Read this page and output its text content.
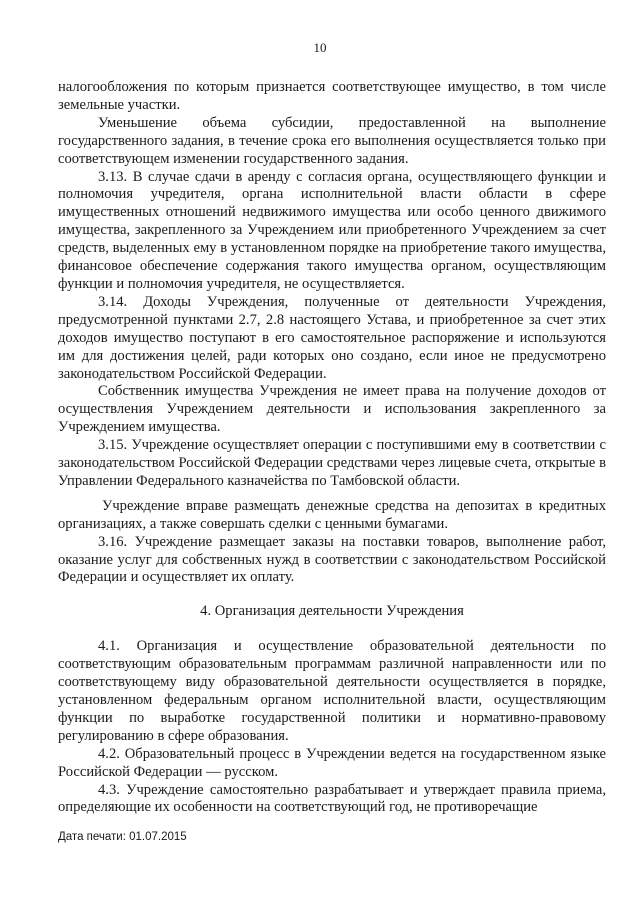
10

налогообложения по которым признается соответствующее имущество, в том числе земельные участки.

Уменьшение объема субсидии, предоставленной на выполнение государственного задания, в течение срока его выполнения осуществляется только при соответствующем изменении государственного задания.

3.13. В случае сдачи в аренду с согласия органа, осуществляющего функции и полномочия учредителя, органа исполнительной власти области в сфере имущественных отношений недвижимого имущества или особо ценного движимого имущества, закрепленного за Учреждением или приобретенного Учреждением за счет средств, выделенных ему в установленном порядке на приобретение такого имущества, финансовое обеспечение содержания такого имущества органом, осуществляющим функции и полномочия учредителя, не осуществляется.

3.14. Доходы Учреждения, полученные от деятельности Учреждения, предусмотренной пунктами 2.7, 2.8 настоящего Устава, и приобретенное за счет этих доходов имущество поступают в его самостоятельное распоряжение и используются им для достижения целей, ради которых оно создано, если иное не предусмотрено законодательством Российской Федерации.

Собственник имущества Учреждения не имеет права на получение доходов от осуществления Учреждением деятельности и использования закрепленного за Учреждением имущества.

3.15. Учреждение осуществляет операции с поступившими ему в соответствии с законодательством Российской Федерации средствами через лицевые счета, открытые в Управлении Федерального казначейства по Тамбовской области.

Учреждение вправе размещать денежные средства на депозитах в кредитных организациях, а также совершать сделки с ценными бумагами.

3.16. Учреждение размещает заказы на поставки товаров, выполнение работ, оказание услуг для собственных нужд в соответствии с законодательством Российской Федерации и осуществляет их оплату.

4. Организация деятельности Учреждения

4.1. Организация и осуществление образовательной деятельности по соответствующим образовательным программам различной направленности или по соответствующему виду образовательной деятельности осуществляется в порядке, установленном федеральным органом исполнительной власти, осуществляющим функции по выработке государственной политики и нормативно-правовому регулированию в сфере образования.

4.2. Образовательный процесс в Учреждении ведется на государственном языке Российской Федерации — русском.

4.3. Учреждение самостоятельно разрабатывает и утверждает правила приема, определяющие их особенности на соответствующий год, не противоречащие

Дата печати: 01.07.2015
